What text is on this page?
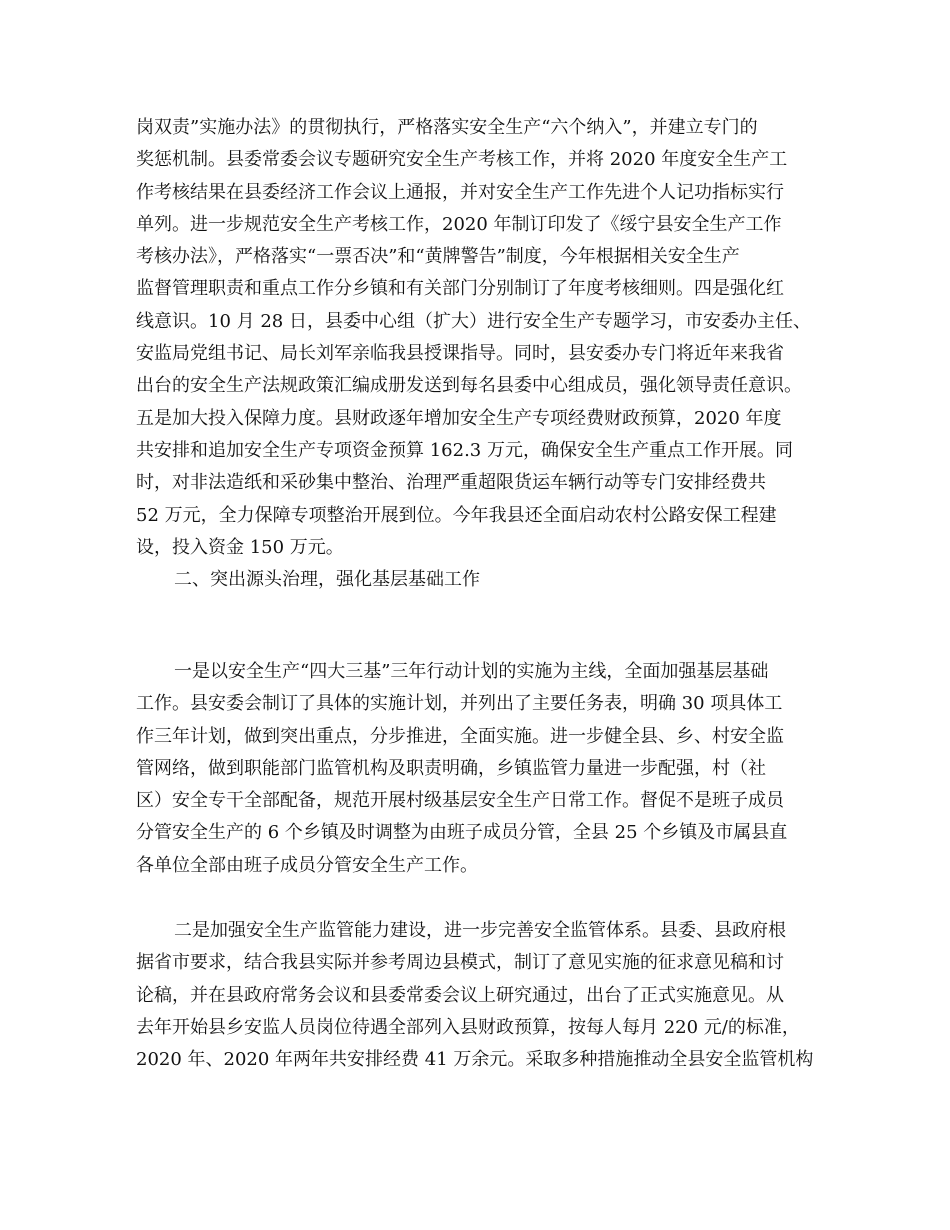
岗双责”实施办法》的贯彻执行，严格落实安全生产“六个纳入”，并建立专门的
奖惩机制。县委常委会议专题研究安全生产考核工作，并将 2020 年度安全生产工
作考核结果在县委经济工作会议上通报，并对安全生产工作先进个人记功指标实行
单列。进一步规范安全生产考核工作，2020 年制订印发了《绥宁县安全生产工作
考核办法》，严格落实“一票否决”和“黄牌警告”制度，今年根据相关安全生产
监督管理职责和重点工作分乡镇和有关部门分别制订了年度考核细则。四是强化红
线意识。10 月 28 日，县委中心组（扩大）进行安全生产专题学习，市安委办主任、
安监局党组书记、局长刘军亲临我县授课指导。同时，县安委办专门将近年来我省
出台的安全生产法规政策汇编成册发送到每名县委中心组成员，强化领导责任意识。
五是加大投入保障力度。县财政逐年增加安全生产专项经费财政预算，2020 年度
共安排和追加安全生产专项资金预算 162.3 万元，确保安全生产重点工作开展。同
时，对非法造纸和采砂集中整治、治理严重超限货运车辆行动等专门安排经费共
52 万元，全力保障专项整治开展到位。今年我县还全面启动农村公路安保工程建
设，投入资金 150 万元。
二、突出源头治理，强化基层基础工作
一是以安全生产“四大三基”三年行动计划的实施为主线，全面加强基层基础
工作。县安委会制订了具体的实施计划，并列出了主要任务表，明确 30 项具体工
作三年计划，做到突出重点，分步推进，全面实施。进一步健全县、乡、村安全监
管网络，做到职能部门监管机构及职责明确，乡镇监管力量进一步配强，村（社
区）安全专干全部配备，规范开展村级基层安全生产日常工作。督促不是班子成员
分管安全生产的 6 个乡镇及时调整为由班子成员分管，全县 25 个乡镇及市属县直
各单位全部由班子成员分管安全生产工作。
二是加强安全生产监管能力建设，进一步完善安全监管体系。县委、县政府根
据省市要求，结合我县实际并参考周边县模式，制订了意见实施的征求意见稿和讨
论稿，并在县政府常务会议和县委常委会议上研究通过，出台了正式实施意见。从
去年开始县乡安监人员岗位待遇全部列入县财政预算，按每人每月 220 元/的标准，
2020 年、2020 年两年共安排经费 41 万余元。采取多种措施推动全县安全监管机构
